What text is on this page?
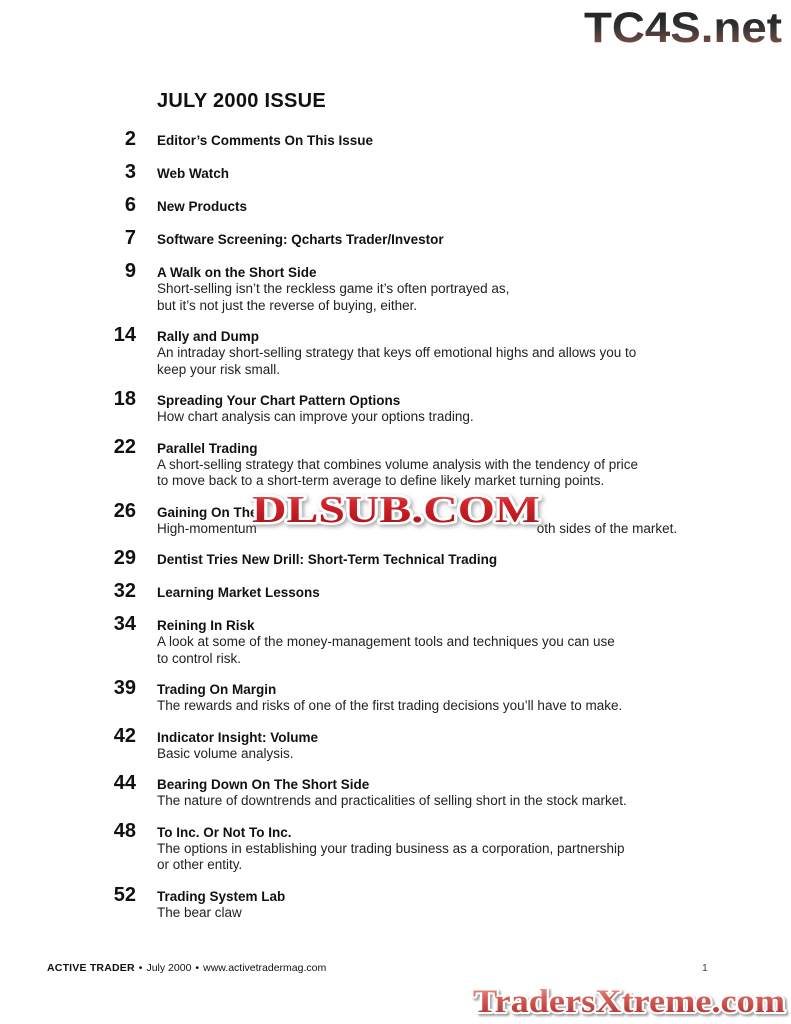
TC4S.net
JULY 2000 ISSUE
2 Editor’s Comments On This Issue
3 Web Watch
6 New Products
7 Software Screening: Qcharts Trader/Investor
9 A Walk on the Short Side
Short-selling isn’t the reckless game it’s often portrayed as,
but it’s not just the reverse of buying, either.
14 Rally and Dump
An intraday short-selling strategy that keys off emotional highs and allows you to
keep your risk small.
18 Spreading Your Chart Pattern Options
How chart analysis can improve your options trading.
22 Parallel Trading
A short-selling strategy that combines volume analysis with the tendency of price
to move back to a short-term average to define likely market turning points.
26 Gaining On The
High-momentum	oth sides of the market.
29 Dentist Tries New Drill: Short-Term Technical Trading
32 Learning Market Lessons
34 Reining In Risk
A look at some of the money-management tools and techniques you can use
to control risk.
39 Trading On Margin
The rewards and risks of one of the first trading decisions you’ll have to make.
42 Indicator Insight: Volume
Basic volume analysis.
44 Bearing Down On The Short Side
The nature of downtrends and practicalities of selling short in the stock market.
48 To Inc. Or Not To Inc.
The options in establishing your trading business as a corporation, partnership
or other entity.
52 Trading System Lab
The bear claw
DLSUB.COM
ACTIVE TRADER • July 2000 • www.activetradermag.com	1
TradersXtreme.com
